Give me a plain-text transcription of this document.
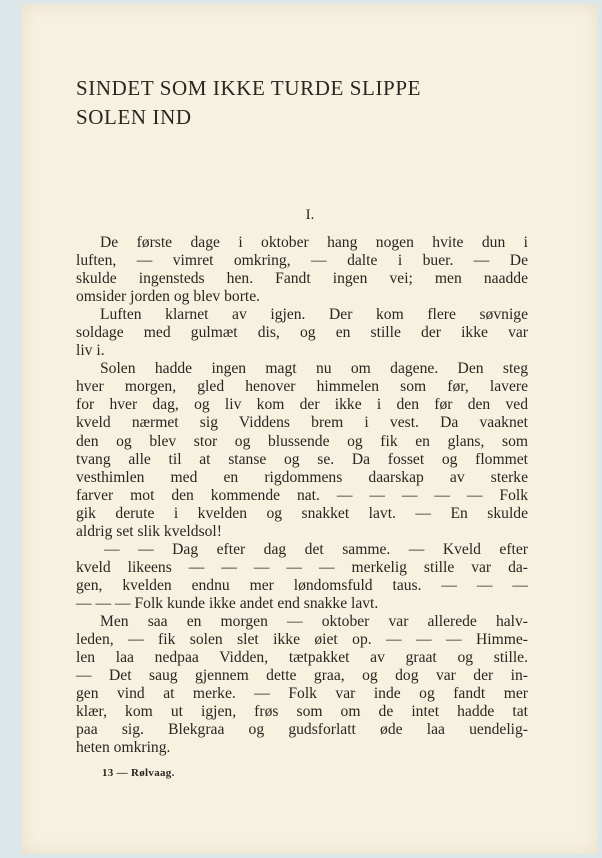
SINDET SOM IKKE TURDE SLIPPE
SOLEN IND

I.

De første dage i oktober hang nogen hvite dun i
luften, — vimret omkring, — dalte i buer. — De
skulde ingensteds hen. Fandt ingen vei; men naadde
omsider jorden og blev borte.
Luften klarnet av igjen. Der kom flere søvnige
soldage med gulmæt dis, og en stille der ikke var
liv i.
Solen hadde ingen magt nu om dagene. Den steg
hver morgen, gled henover himmelen som før, lavere
for hver dag, og liv kom der ikke i den før den ved
kveld nærmet sig Viddens brem i vest. Da vaaknet
den og blev stor og blussende og fik en glans, som
tvang alle til at stanse og se. Da fosset og flommet
vesthimlen med en rigdommens daarskap av sterke
farver mot den kommende nat. — — — — — Folk
gik derute i kvelden og snakket lavt. — En skulde
aldrig set slik kveldsol!
— — Dag efter dag det samme. — Kveld efter
kveld likeens — — — — — merkelig stille var da-
gen, kvelden endnu mer løndomsfuld taus. — — —
— — — Folk kunde ikke andet end snakke lavt.
Men saa en morgen — oktober var allerede halv-
leden, — fik solen slet ikke øiet op. — — — Himme-
len laa nedpaa Vidden, tætpakket av graat og stille.
— Det saug gjennem dette graa, og dog var der in-
gen vind at merke. — Folk var inde og fandt mer
klær, kom ut igjen, frøs som om de intet hadde tat
paa sig. Blekgraa og gudsforlatt øde laa uendelig-
heten omkring.
13 — Rølvaag.
